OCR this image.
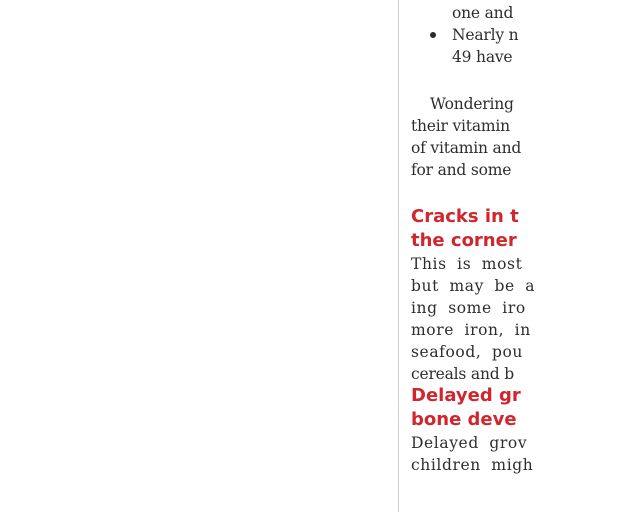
one and
Nearly n
49 have
Wondering
their vitamin
of vitamin and
for and some
Cracks in t
the corner
This is most
but may be a
ing some iro
more iron, in
seafood, pou
cereals and b
Delayed gr
bone deve
Delayed grov
children migh
